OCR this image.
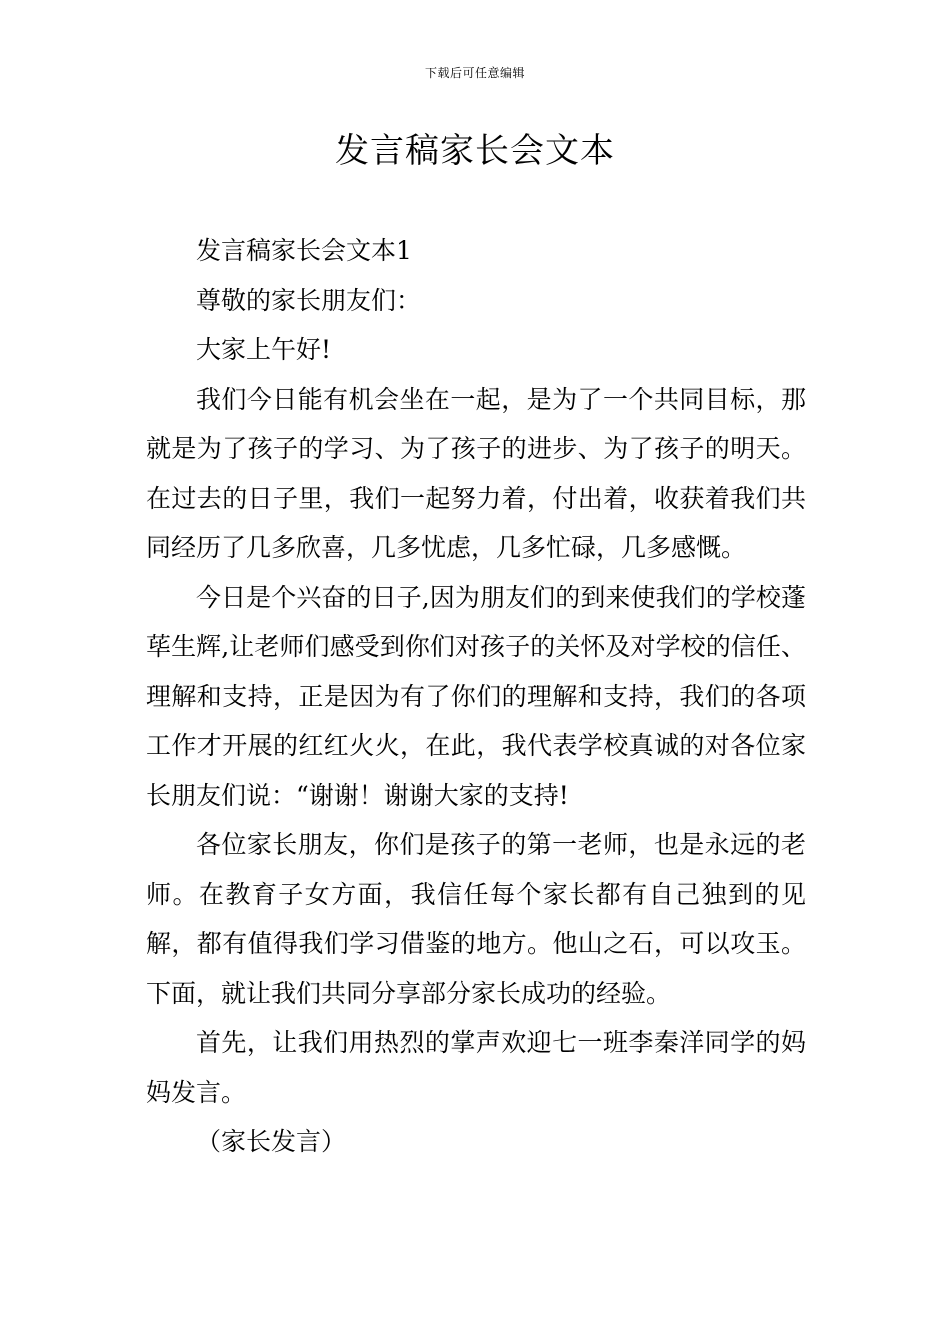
下载后可任意编辑
发言稿家长会文本

发言稿家长会文本1

尊敬的家长朋友们：

大家上午好!

我们今日能有机会坐在一起，是为了一个共同目标，那就是为了孩子的学习、为了孩子的进步、为了孩子的明天。在过去的日子里，我们一起努力着，付出着，收获着我们共同经历了几多欣喜，几多忧虑，几多忙碌，几多感慨。

今日是个兴奋的日子,因为朋友们的到来使我们的学校蓬荜生辉,让老师们感受到你们对孩子的关怀及对学校的信任、理解和支持，正是因为有了你们的理解和支持，我们的各项工作才开展的红红火火，在此，我代表学校真诚的对各位家长朋友们说：“谢谢！谢谢大家的支持!

各位家长朋友，你们是孩子的第一老师，也是永远的老师。在教育子女方面，我信任每个家长都有自己独到的见解，都有值得我们学习借鉴的地方。他山之石，可以攻玉。下面，就让我们共同分享部分家长成功的经验。

首先，让我们用热烈的掌声欢迎七一班李秦洋同学的妈妈发言。

（家长发言）
